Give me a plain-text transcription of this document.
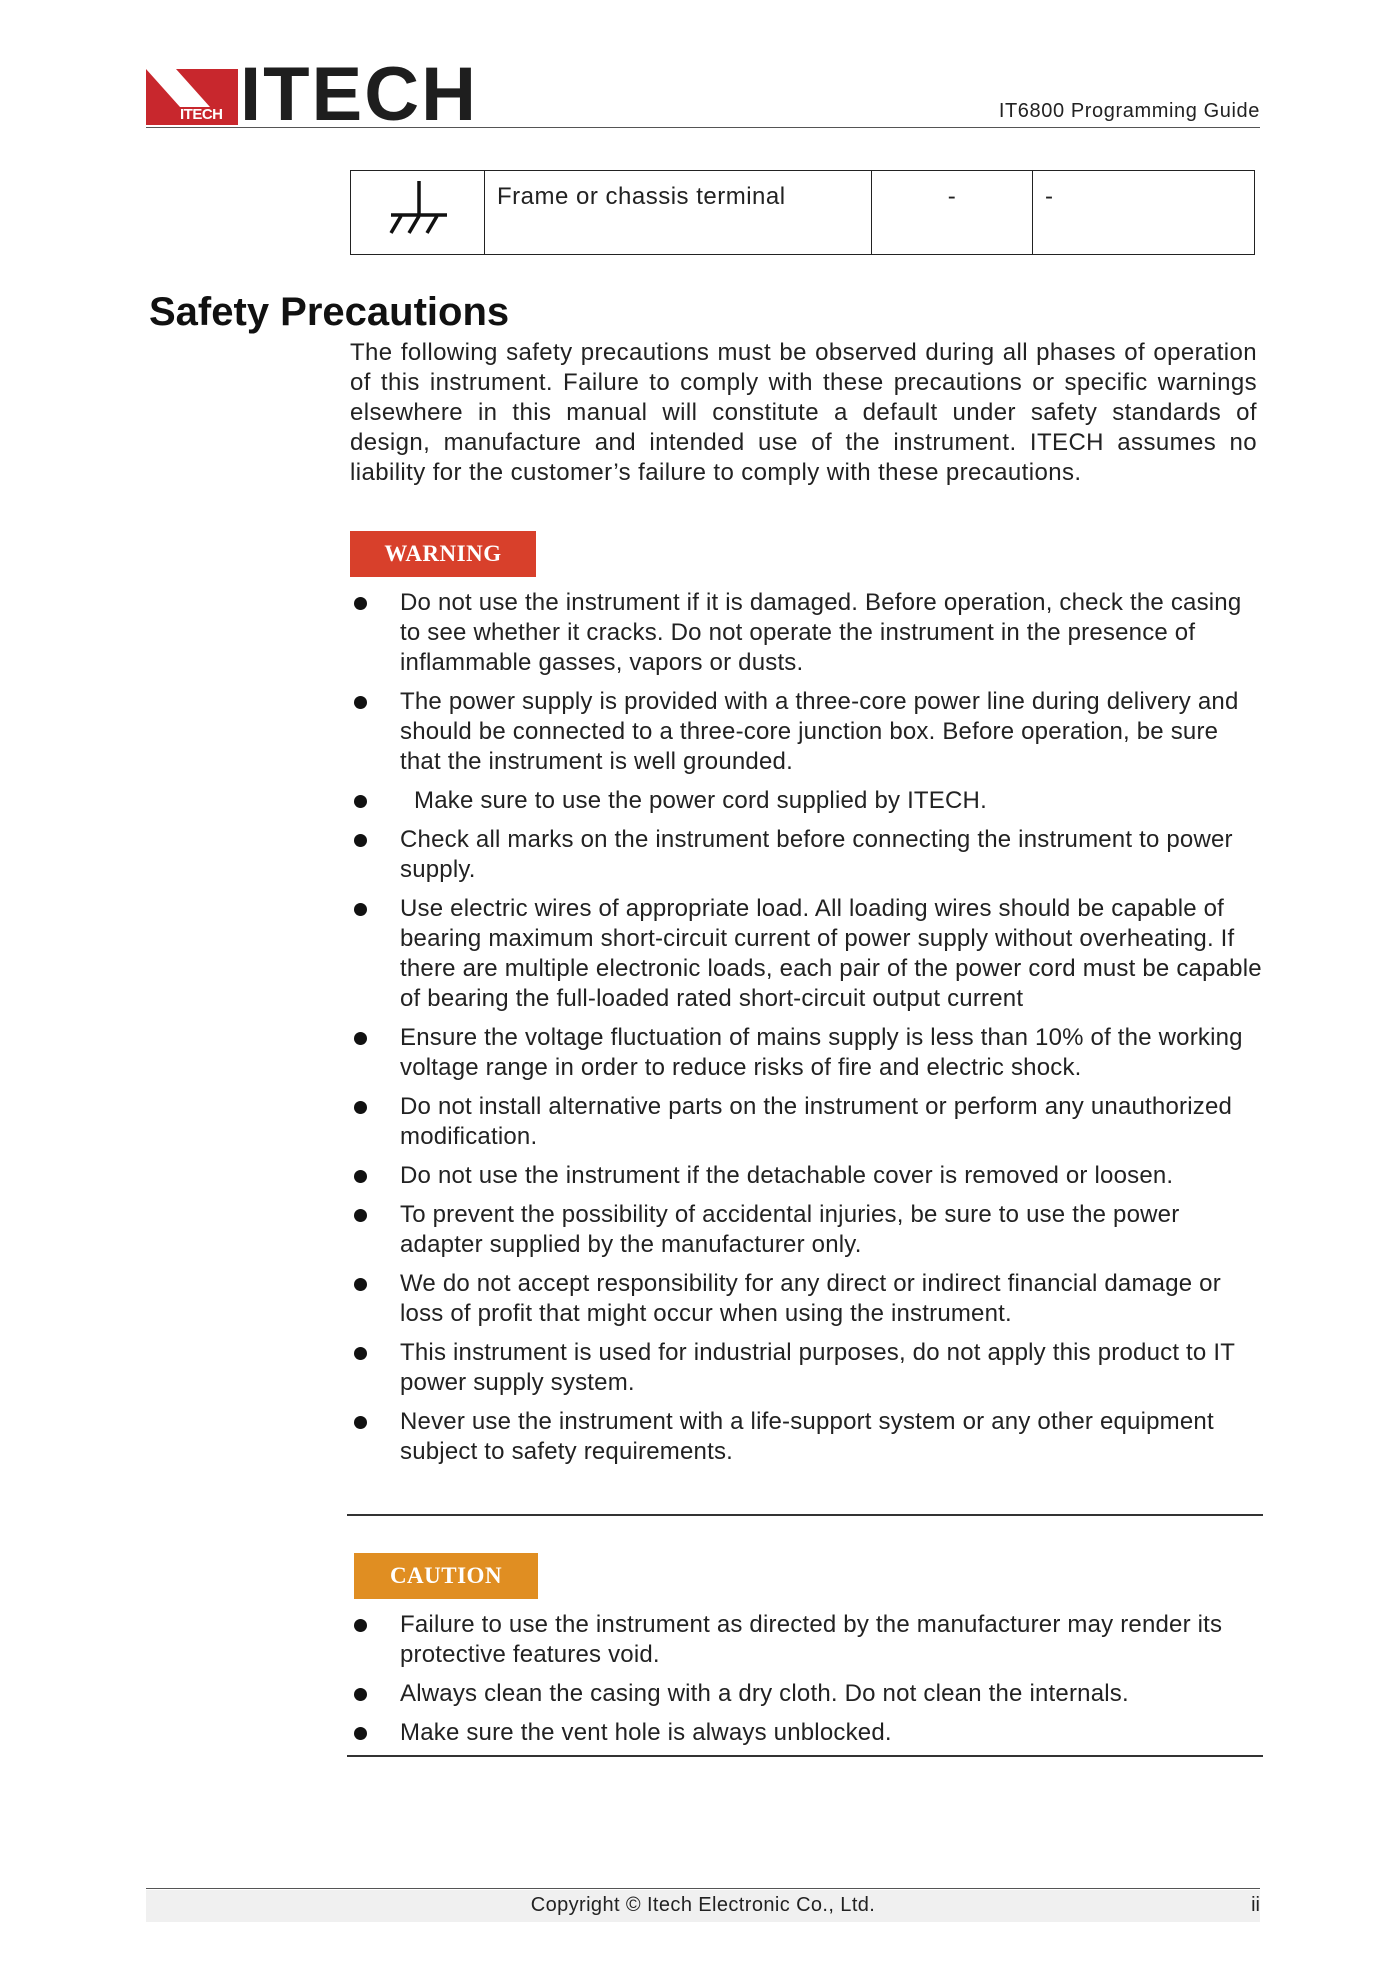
ITECH ITECH	IT6800 Programming Guide
	Frame or chassis terminal	-	-
Safety Precautions

The following safety precautions must be observed during all phases of operation of this instrument. Failure to comply with these precautions or specific warnings elsewhere in this manual will constitute a default under safety standards of design, manufacture and intended use of the instrument. ITECH assumes no liability for the customer’s failure to comply with these precautions.

WARNING
Do not use the instrument if it is damaged. Before operation, check the casing to see whether it cracks. Do not operate the instrument in the presence of inflammable gasses, vapors or dusts.
The power supply is provided with a three-core power line during delivery and should be connected to a three-core junction box. Before operation, be sure that the instrument is well grounded.
Make sure to use the power cord supplied by ITECH.
Check all marks on the instrument before connecting the instrument to power supply.
Use electric wires of appropriate load. All loading wires should be capable of bearing maximum short-circuit current of power supply without overheating. If there are multiple electronic loads, each pair of the power cord must be capable of bearing the full-loaded rated short-circuit output current
Ensure the voltage fluctuation of mains supply is less than 10% of the working voltage range in order to reduce risks of fire and electric shock.
Do not install alternative parts on the instrument or perform any unauthorized modification.
Do not use the instrument if the detachable cover is removed or loosen.
To prevent the possibility of accidental injuries, be sure to use the power adapter supplied by the manufacturer only.
We do not accept responsibility for any direct or indirect financial damage or loss of profit that might occur when using the instrument.
This instrument is used for industrial purposes, do not apply this product to IT power supply system.
Never use the instrument with a life-support system or any other equipment subject to safety requirements.
CAUTION
Failure to use the instrument as directed by the manufacturer may render its protective features void.
Always clean the casing with a dry cloth. Do not clean the internals.
Make sure the vent hole is always unblocked.
Copyright © Itech Electronic Co., Ltd.	ii
